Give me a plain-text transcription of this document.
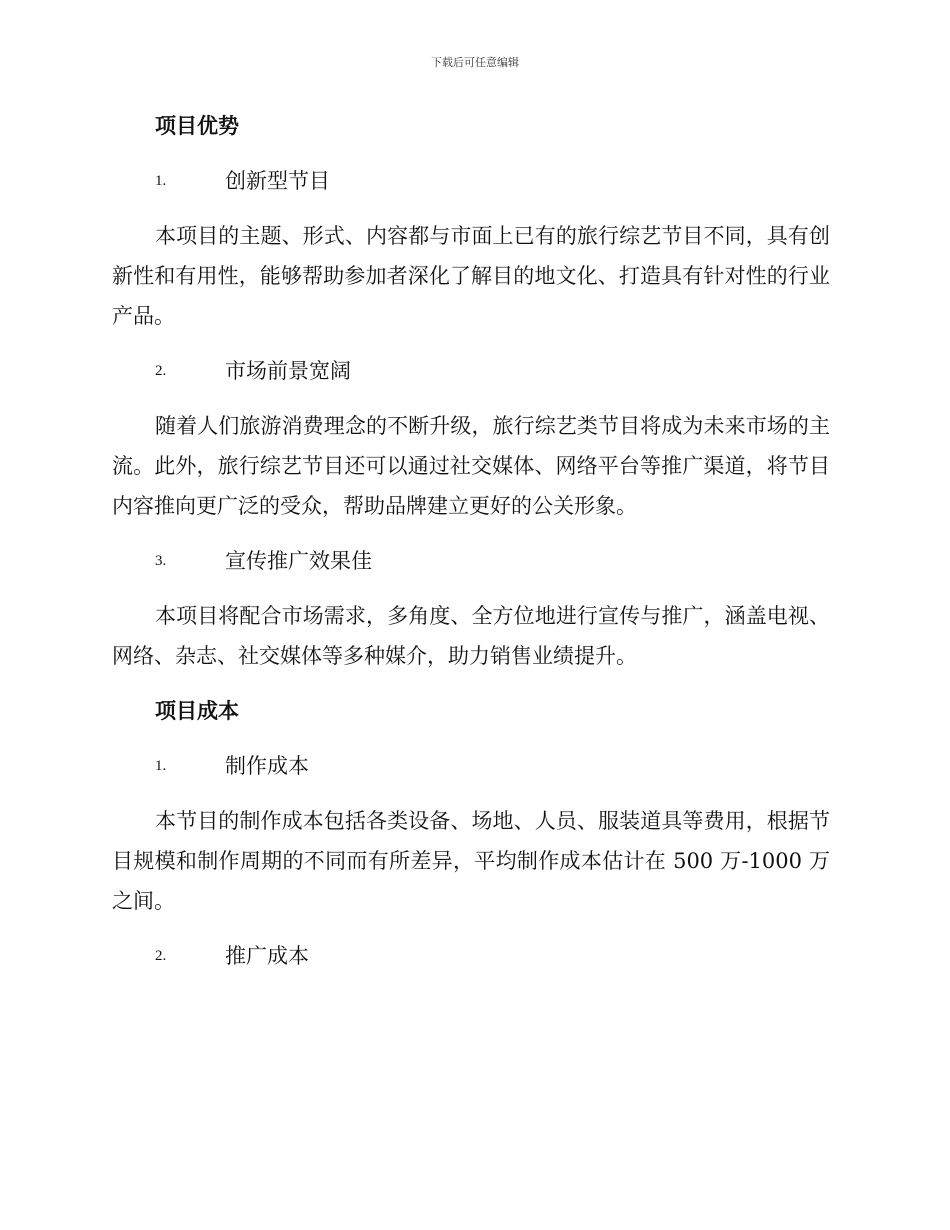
下载后可任意编辑
项目优势
1.	创新型节目

本项目的主题、形式、内容都与市面上已有的旅行综艺节目不同，具有创新性和有用性，能够帮助参加者深化了解目的地文化、打造具有针对性的行业产品。

2.	市场前景宽阔

随着人们旅游消费理念的不断升级，旅行综艺类节目将成为未来市场的主流。此外，旅行综艺节目还可以通过社交媒体、网络平台等推广渠道，将节目内容推向更广泛的受众，帮助品牌建立更好的公关形象。

3.	宣传推广效果佳

本项目将配合市场需求，多角度、全方位地进行宣传与推广，涵盖电视、网络、杂志、社交媒体等多种媒介，助力销售业绩提升。

项目成本
1.	制作成本

本节目的制作成本包括各类设备、场地、人员、服装道具等费用，根据节目规模和制作周期的不同而有所差异，平均制作成本估计在 500 万-1000 万之间。

2.	推广成本
